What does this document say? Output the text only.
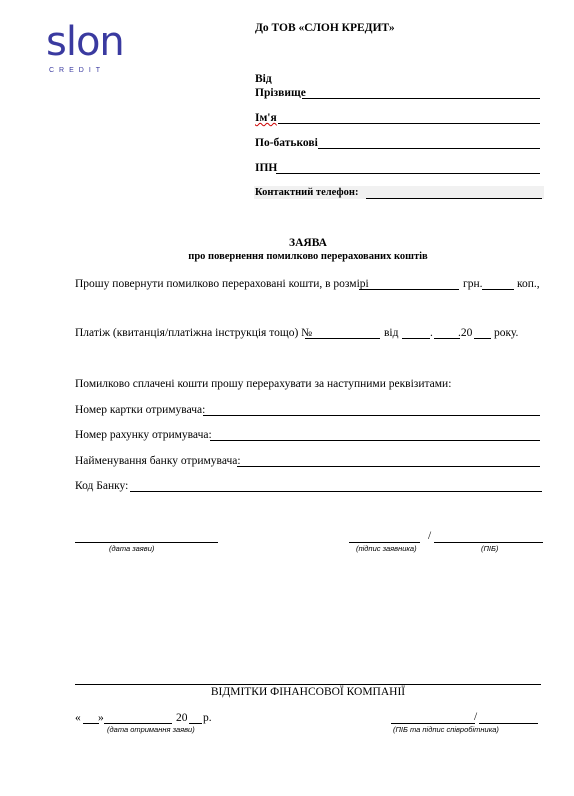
slon
CREDIT
До ТОВ «СЛОН КРЕДИТ»
Від
Прізвище
Ім'я
По-батькові
ІПН
Контактний телефон:
ЗАЯВА
про повернення помилково перерахованих коштів
Прошу повернути помилково перераховані кошти, в розмірі	грн.	коп.,
Платіж (квитанція/платіжна інструкція тощо) №	від	. .20 року.
Помилково сплачені кошти прошу перерахувати за наступними реквізитами:
Номер картки отримувача:
Номер рахунку отримувача:
Найменування банку отримувача:
Код Банку:
(дата заяви)
/
(підпис заявника)	(ПІБ)
ВІДМІТКИ ФІНАНСОВОЇ КОМПАНІЇ
« »	20 р.
(дата отримання заяви)
/
(ПІБ та підпис співробітника)
